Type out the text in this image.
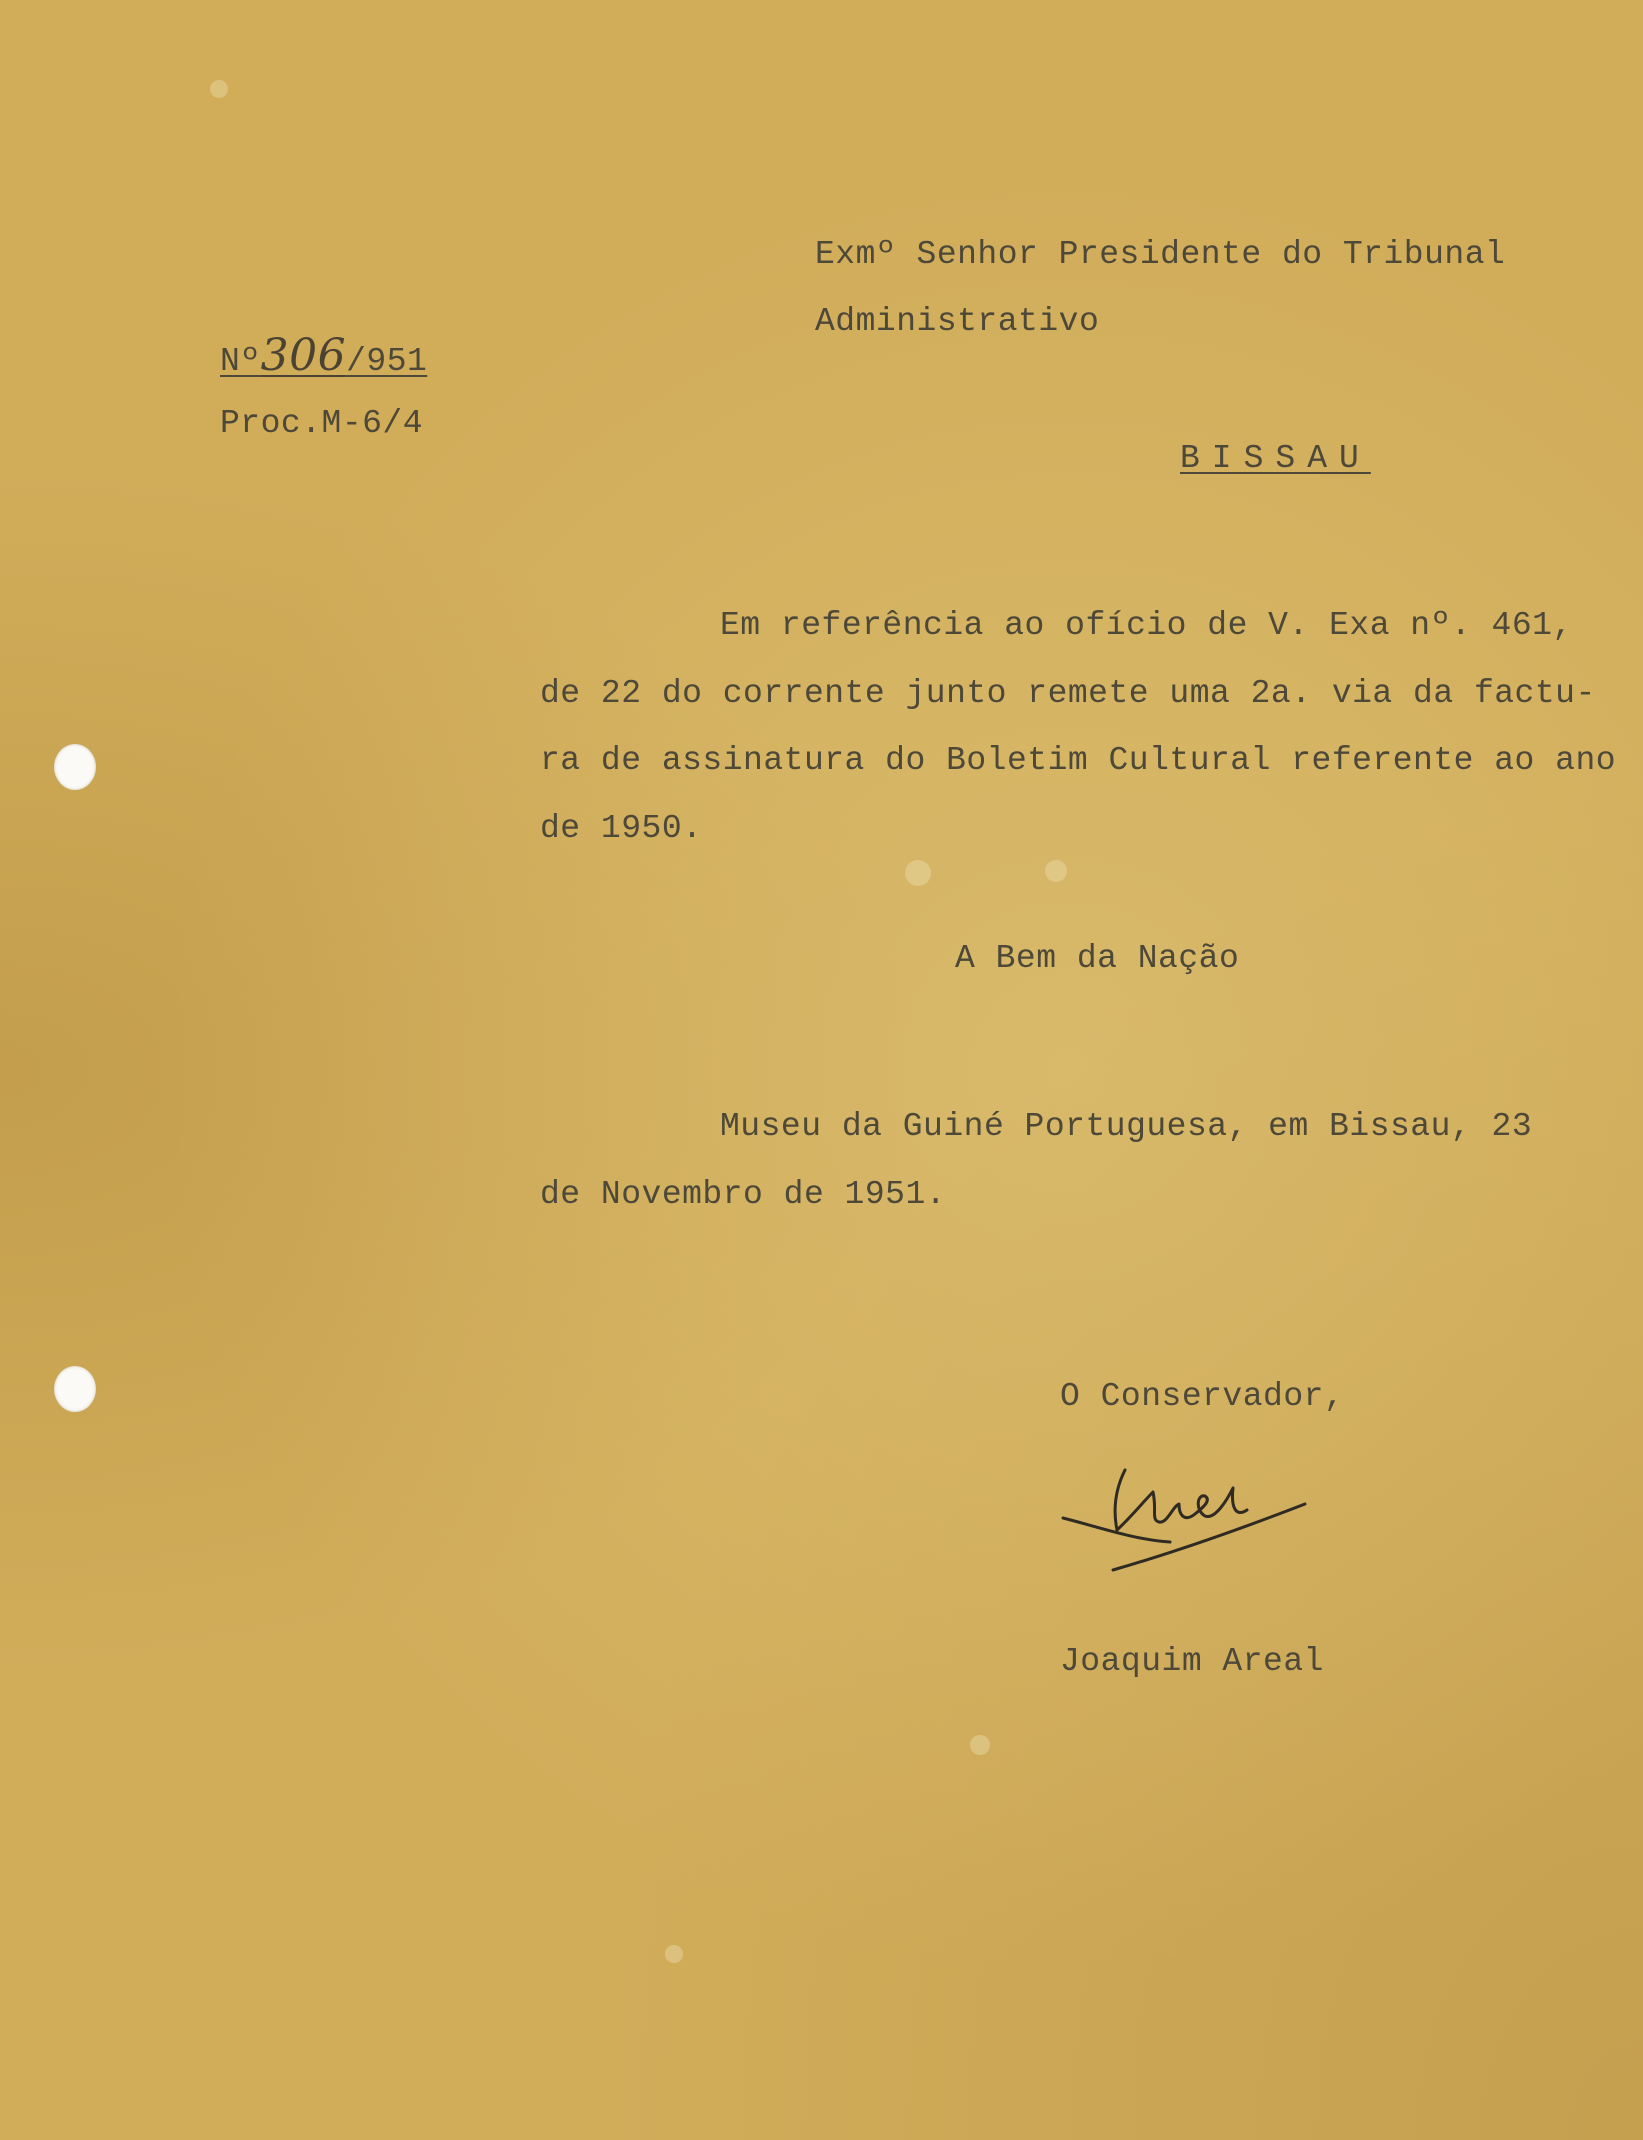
Nº306/951
Proc.M-6/4
Exmº Senhor Presidente do Tribunal
Administrativo
BISSAU
Em referência ao ofício de V. Exa nº. 461,
de 22 do corrente junto remete uma 2a. via da factu-
ra de assinatura do Boletim Cultural referente ao ano
de 1950.
A Bem da Nação
Museu da Guiné Portuguesa, em Bissau, 23
de Novembro de 1951.
O Conservador,
Joaquim Areal
